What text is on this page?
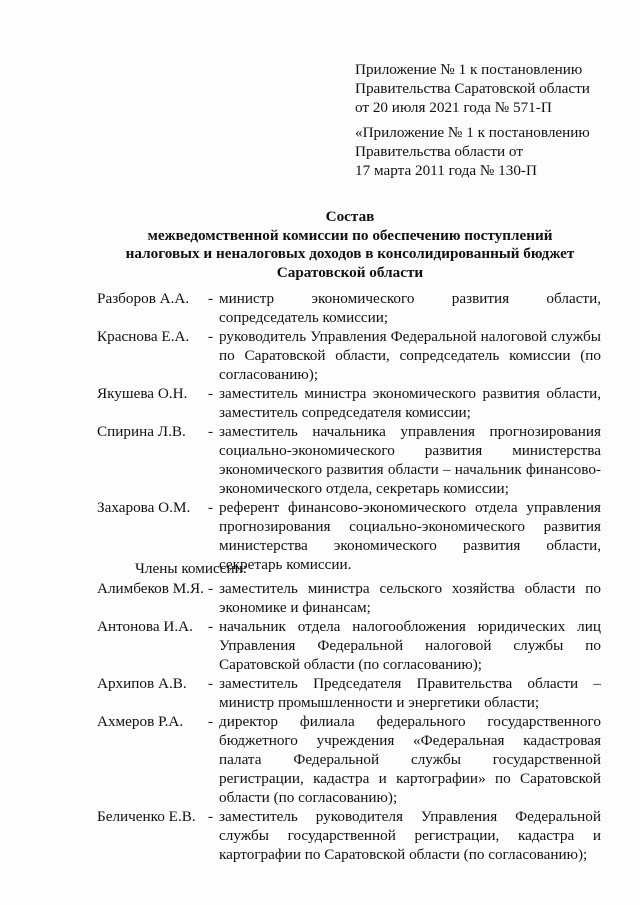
Приложение № 1 к постановлению
Правительства Саратовской области
от 20 июля 2021 года № 571-П
«Приложение № 1 к постановлению
Правительства области от
17 марта 2011 года № 130-П
Состав
межведомственной комиссии по обеспечению поступлений
налоговых и неналоговых доходов в консолидированный бюджет
Саратовской области
Разборов А.А.	- министр экономического развития области, сопредседатель комиссии;
Краснова Е.А.	- руководитель Управления Федеральной налоговой службы по Саратовской области, сопредседатель комиссии (по согласованию);
Якушева О.Н.	- заместитель министра экономического развития области, заместитель сопредседателя комиссии;
Спирина Л.В.	- заместитель начальника управления прогнозирования социально-экономического развития министерства экономического развития области – начальник финансово-экономического отдела, секретарь комиссии;
Захарова О.М.	- референт финансово-экономического отдела управления прогнозирования социально-экономического развития министерства экономического развития области, секретарь комиссии.
Члены комиссии:
Алимбеков М.Я. - заместитель министра сельского хозяйства области по экономике и финансам;
Антонова И.А. - начальник отдела налогообложения юридических лиц Управления Федеральной налоговой службы по Саратовской области (по согласованию);
Архипов А.В.	- заместитель Председателя Правительства области – министр промышленности и энергетики области;
Ахмеров Р.А.	- директор филиала федерального государственного бюджетного учреждения «Федеральная кадастровая палата Федеральной службы государственной регистрации, кадастра и картографии» по Саратовской области (по согласованию);
Беличенко Е.В. - заместитель руководителя Управления Федеральной службы государственной регистрации, кадастра и картографии по Саратовской области (по согласованию);
